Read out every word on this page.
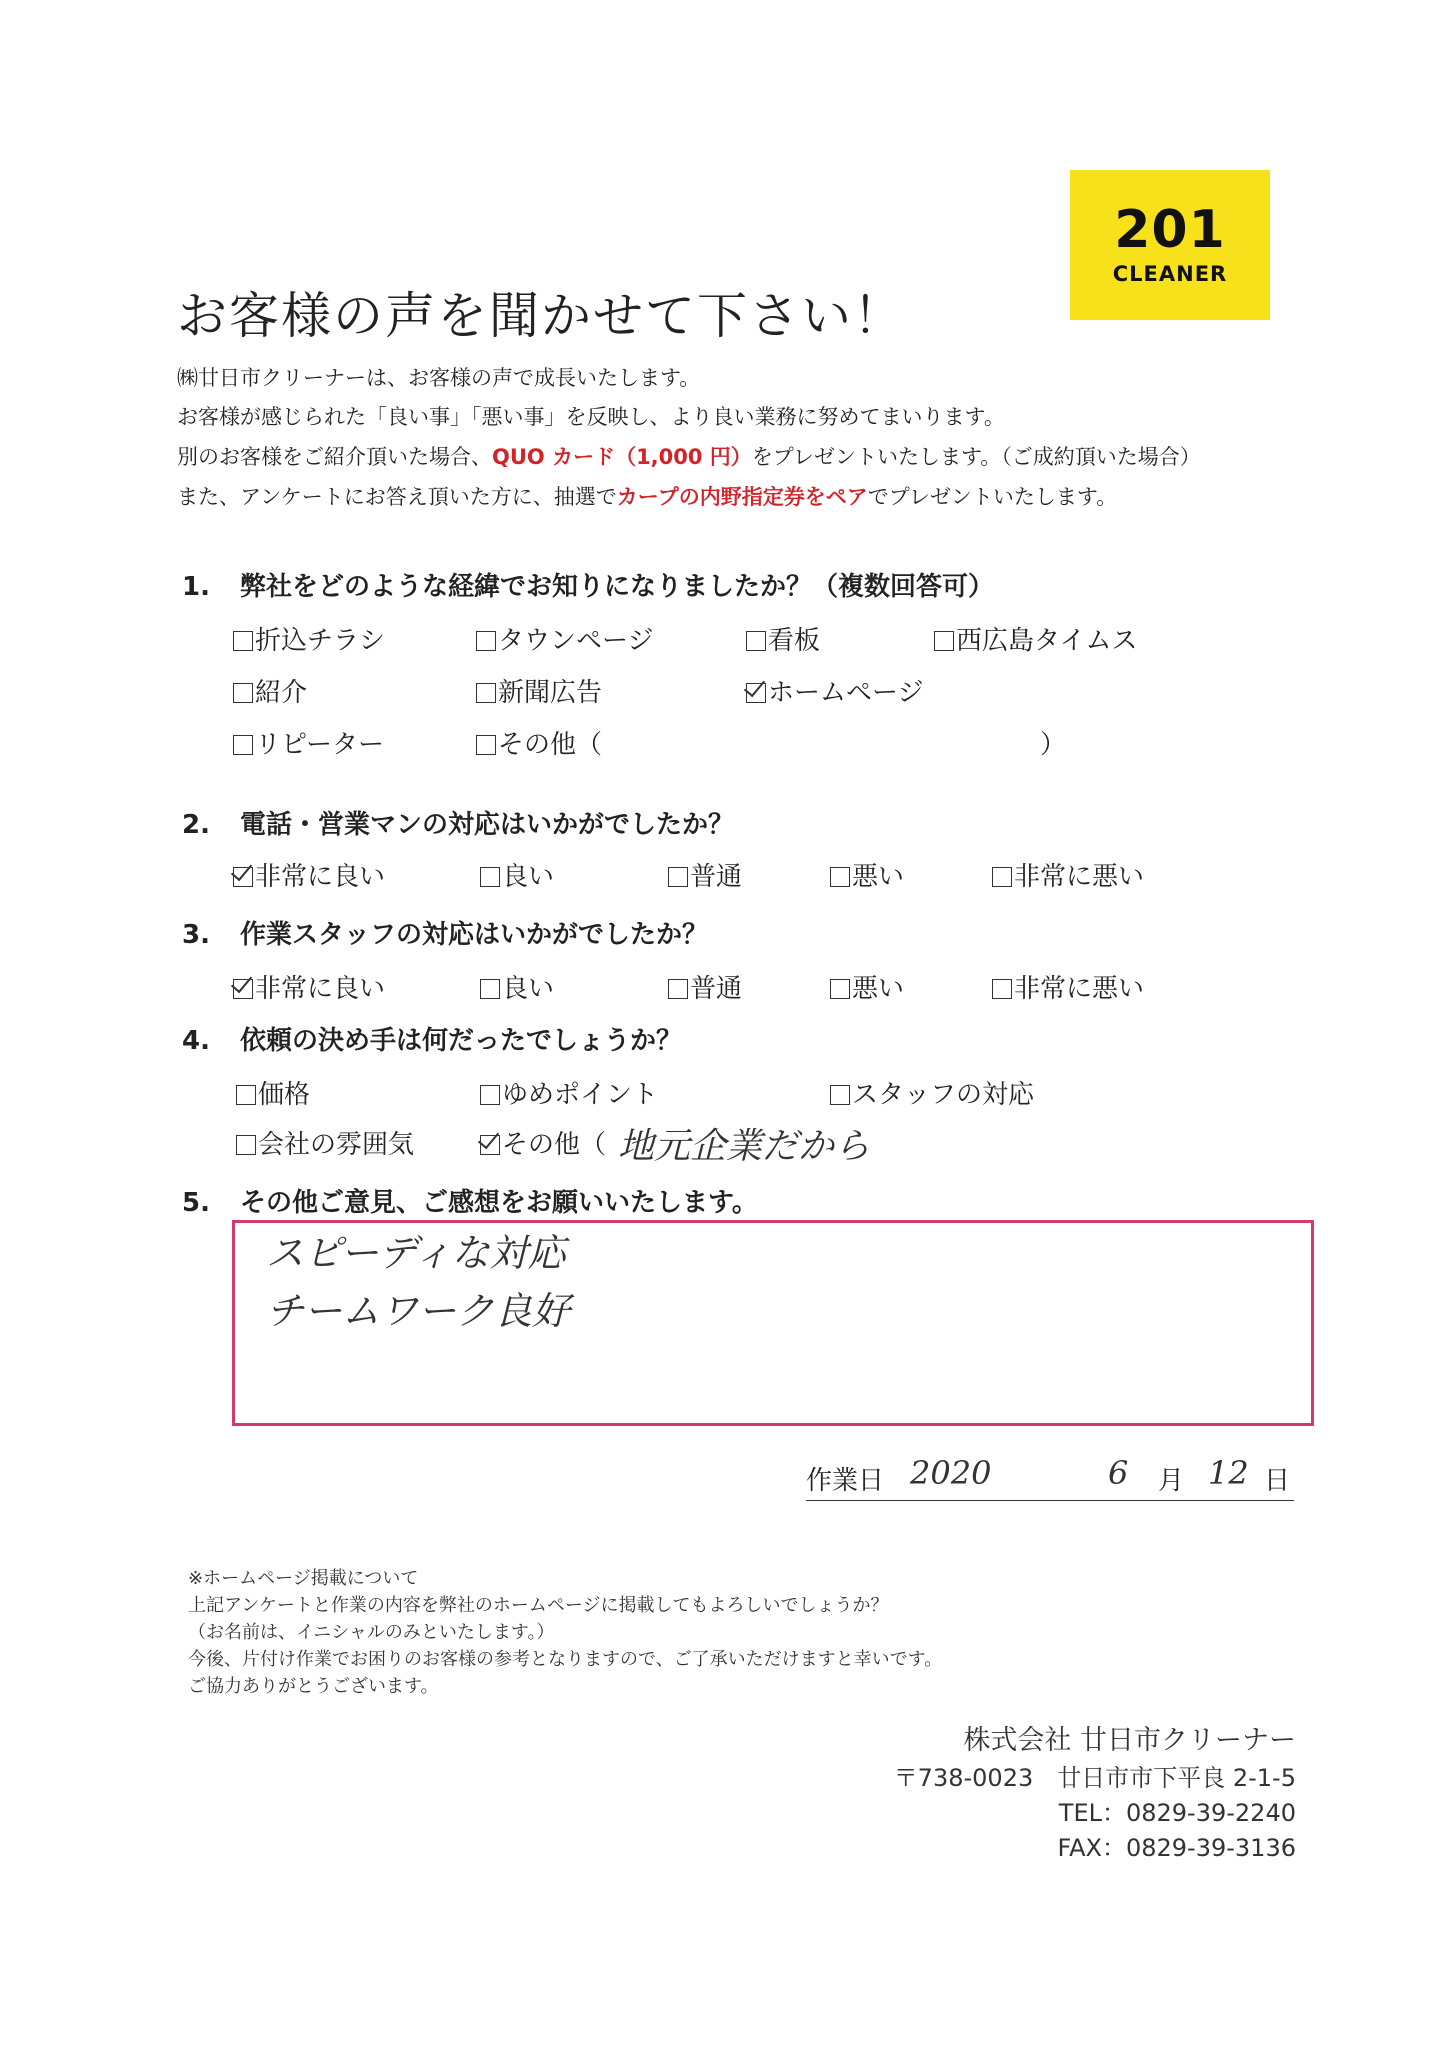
201
CLEANER
お客様の声を聞かせて下さい！
㈱廿日市クリーナーは、お客様の声で成長いたします。
お客様が感じられた「良い事」「悪い事」を反映し、より良い業務に努めてまいります。
別のお客様をご紹介頂いた場合、QUO カード（1,000 円）をプレゼントいたします。（ご成約頂いた場合）
また、アンケートにお答え頂いた方に、抽選でカープの内野指定券をペアでプレゼントいたします。
1. 弊社をどのような経緯でお知りになりましたか？（複数回答可）
折込チラシ	タウンページ	看板	西広島タイムス
紹介	新聞広告	ホームページ
リピーター	その他（	）
2. 電話・営業マンの対応はいかがでしたか？
非常に良い	良い	普通	悪い	非常に悪い
3. 作業スタッフの対応はいかがでしたか？
非常に良い	良い	普通	悪い	非常に悪い
4. 依頼の決め手は何だったでしょうか？
価格	ゆめポイント	スタッフの対応
会社の雰囲気	その他（ 地元企業だから
5. その他ご意見、ご感想をお願いいたします。
スピーディな対応
チームワーク良好
作業日 2020	6 月 12 日
※ホームページ掲載について
上記アンケートと作業の内容を弊社のホームページに掲載してもよろしいでしょうか？
（お名前は、イニシャルのみといたします。）
今後、片付け作業でお困りのお客様の参考となりますので、ご了承いただけますと幸いです。
ご協力ありがとうございます。
株式会社 廿日市クリーナー
〒738-0023　廿日市市下平良 2-1-5
TEL：0829-39-2240
FAX：0829-39-3136
